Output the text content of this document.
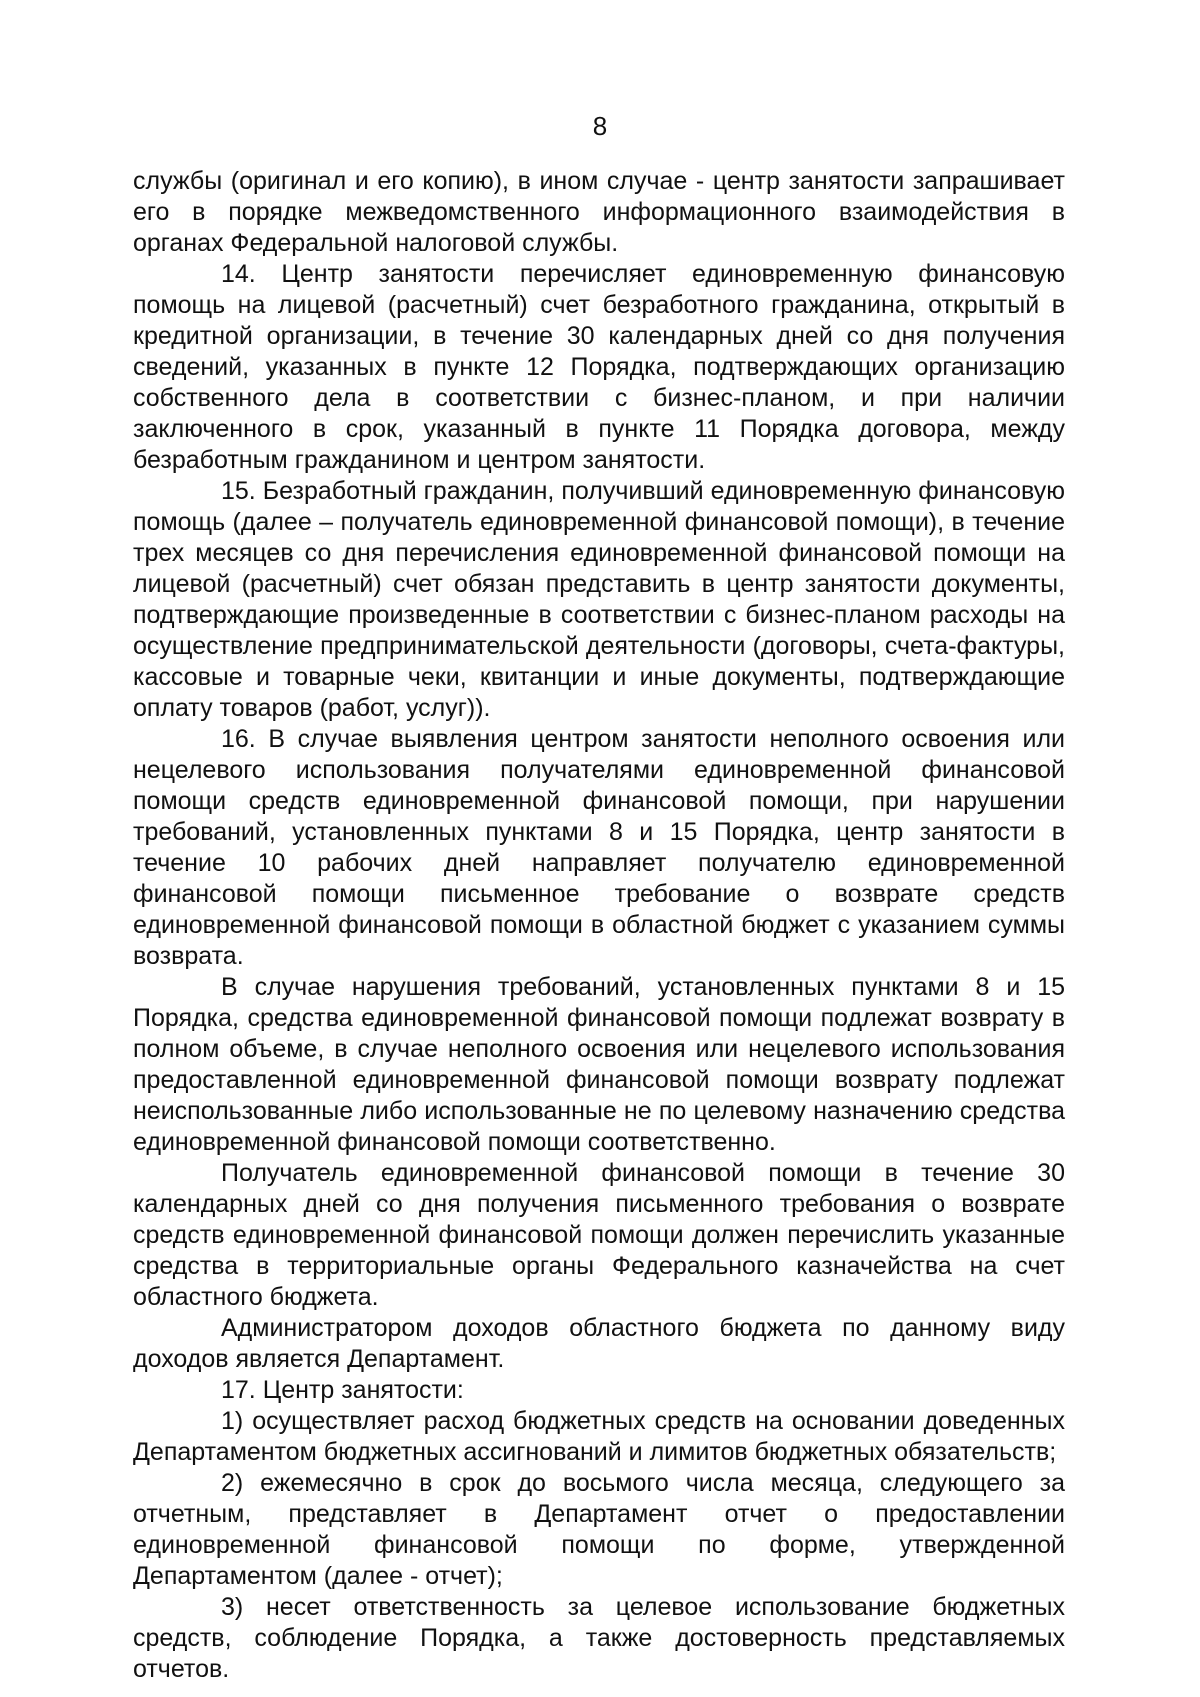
8

службы (оригинал и его копию), в ином случае - центр занятости запрашивает его в порядке межведомственного информационного взаимодействия в органах Федеральной налоговой службы.

14. Центр занятости перечисляет единовременную финансовую помощь на лицевой (расчетный) счет безработного гражданина, открытый в кредитной организации, в течение 30 календарных дней со дня получения сведений, указанных в пункте 12 Порядка, подтверждающих организацию собственного дела в соответствии с бизнес-планом, и при наличии заключенного в срок, указанный в пункте 11 Порядка договора, между безработным гражданином и центром занятости.

15. Безработный гражданин, получивший единовременную финансовую помощь (далее – получатель единовременной финансовой помощи), в течение трех месяцев со дня перечисления единовременной финансовой помощи на лицевой (расчетный) счет обязан представить в центр занятости документы, подтверждающие произведенные в соответствии с бизнес-планом расходы на осуществление предпринимательской деятельности (договоры, счета-фактуры, кассовые и товарные чеки, квитанции и иные документы, подтверждающие оплату товаров (работ, услуг)).

16. В случае выявления центром занятости неполного освоения или нецелевого использования получателями единовременной финансовой помощи средств единовременной финансовой помощи, при нарушении требований, установленных пунктами 8 и 15 Порядка, центр занятости в течение 10 рабочих дней направляет получателю единовременной финансовой помощи письменное требование о возврате средств единовременной финансовой помощи в областной бюджет с указанием суммы возврата.

В случае нарушения требований, установленных пунктами 8 и 15 Порядка, средства единовременной финансовой помощи подлежат возврату в полном объеме, в случае неполного освоения или нецелевого использования предоставленной единовременной финансовой помощи возврату подлежат неиспользованные либо использованные не по целевому назначению средства единовременной финансовой помощи соответственно.

Получатель единовременной финансовой помощи в течение 30 календарных дней со дня получения письменного требования о возврате средств единовременной финансовой помощи должен перечислить указанные средства в территориальные органы Федерального казначейства на счет областного бюджета.

Администратором доходов областного бюджета по данному виду доходов является Департамент.

17. Центр занятости:

1) осуществляет расход бюджетных средств на основании доведенных Департаментом бюджетных ассигнований и лимитов бюджетных обязательств;

2) ежемесячно в срок до восьмого числа месяца, следующего за отчетным, представляет в Департамент отчет о предоставлении единовременной финансовой помощи по форме, утвержденной Департаментом (далее - отчет);

3) несет ответственность за целевое использование бюджетных средств, соблюдение Порядка, а также достоверность представляемых отчетов.
